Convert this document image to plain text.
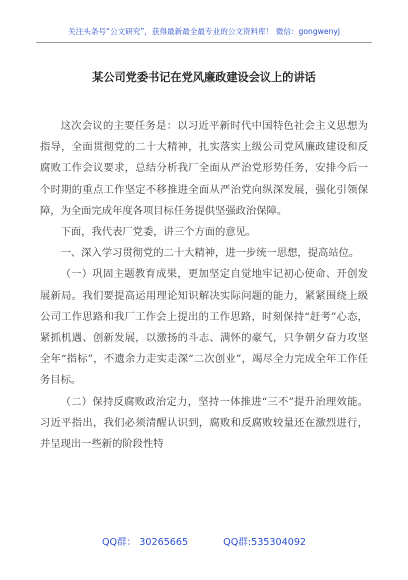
关注头条号“公文研究”，获得最新最全最专业的公文资料库！ 微信：gongwenyj
某公司党委书记在党风廉政建设会议上的讲话

这次会议的主要任务是：以习近平新时代中国特色社会主义思想为指导，全面贯彻党的二十大精神，扎实落实上级公司党风廉政建设和反腐败工作会议要求，总结分析我厂全面从严治党形势任务，安排今后一个时期的重点工作坚定不移推进全面从严治党向纵深发展，强化引领保障，为全面完成年度各项目标任务提供坚强政治保障。

下面，我代表厂党委，讲三个方面的意见。

一、深入学习贯彻党的二十大精神，进一步统一思想，提高站位。

（一）巩固主题教育成果，更加坚定自觉地牢记初心使命、开创发展新局。我们要提高运用理论知识解决实际问题的能力，紧紧围绕上级公司工作思路和我厂工作会上提出的工作思路，时刻保持“赶考”心态，紧抓机遇、创新发展，以激扬的斗志、满怀的豪气，只争朝夕奋力攻坚全年“指标”，不遗余力走实走深“二次创业”，竭尽全力完成全年工作任务目标。

（二）保持反腐败政治定力，坚持一体推进“三不”提升治理效能。习近平指出，我们必须清醒认识到，腐败和反腐败较量还在激烈进行，并呈现出一些新的阶段性特

QQ群： 30265665	QQ群:535304092
